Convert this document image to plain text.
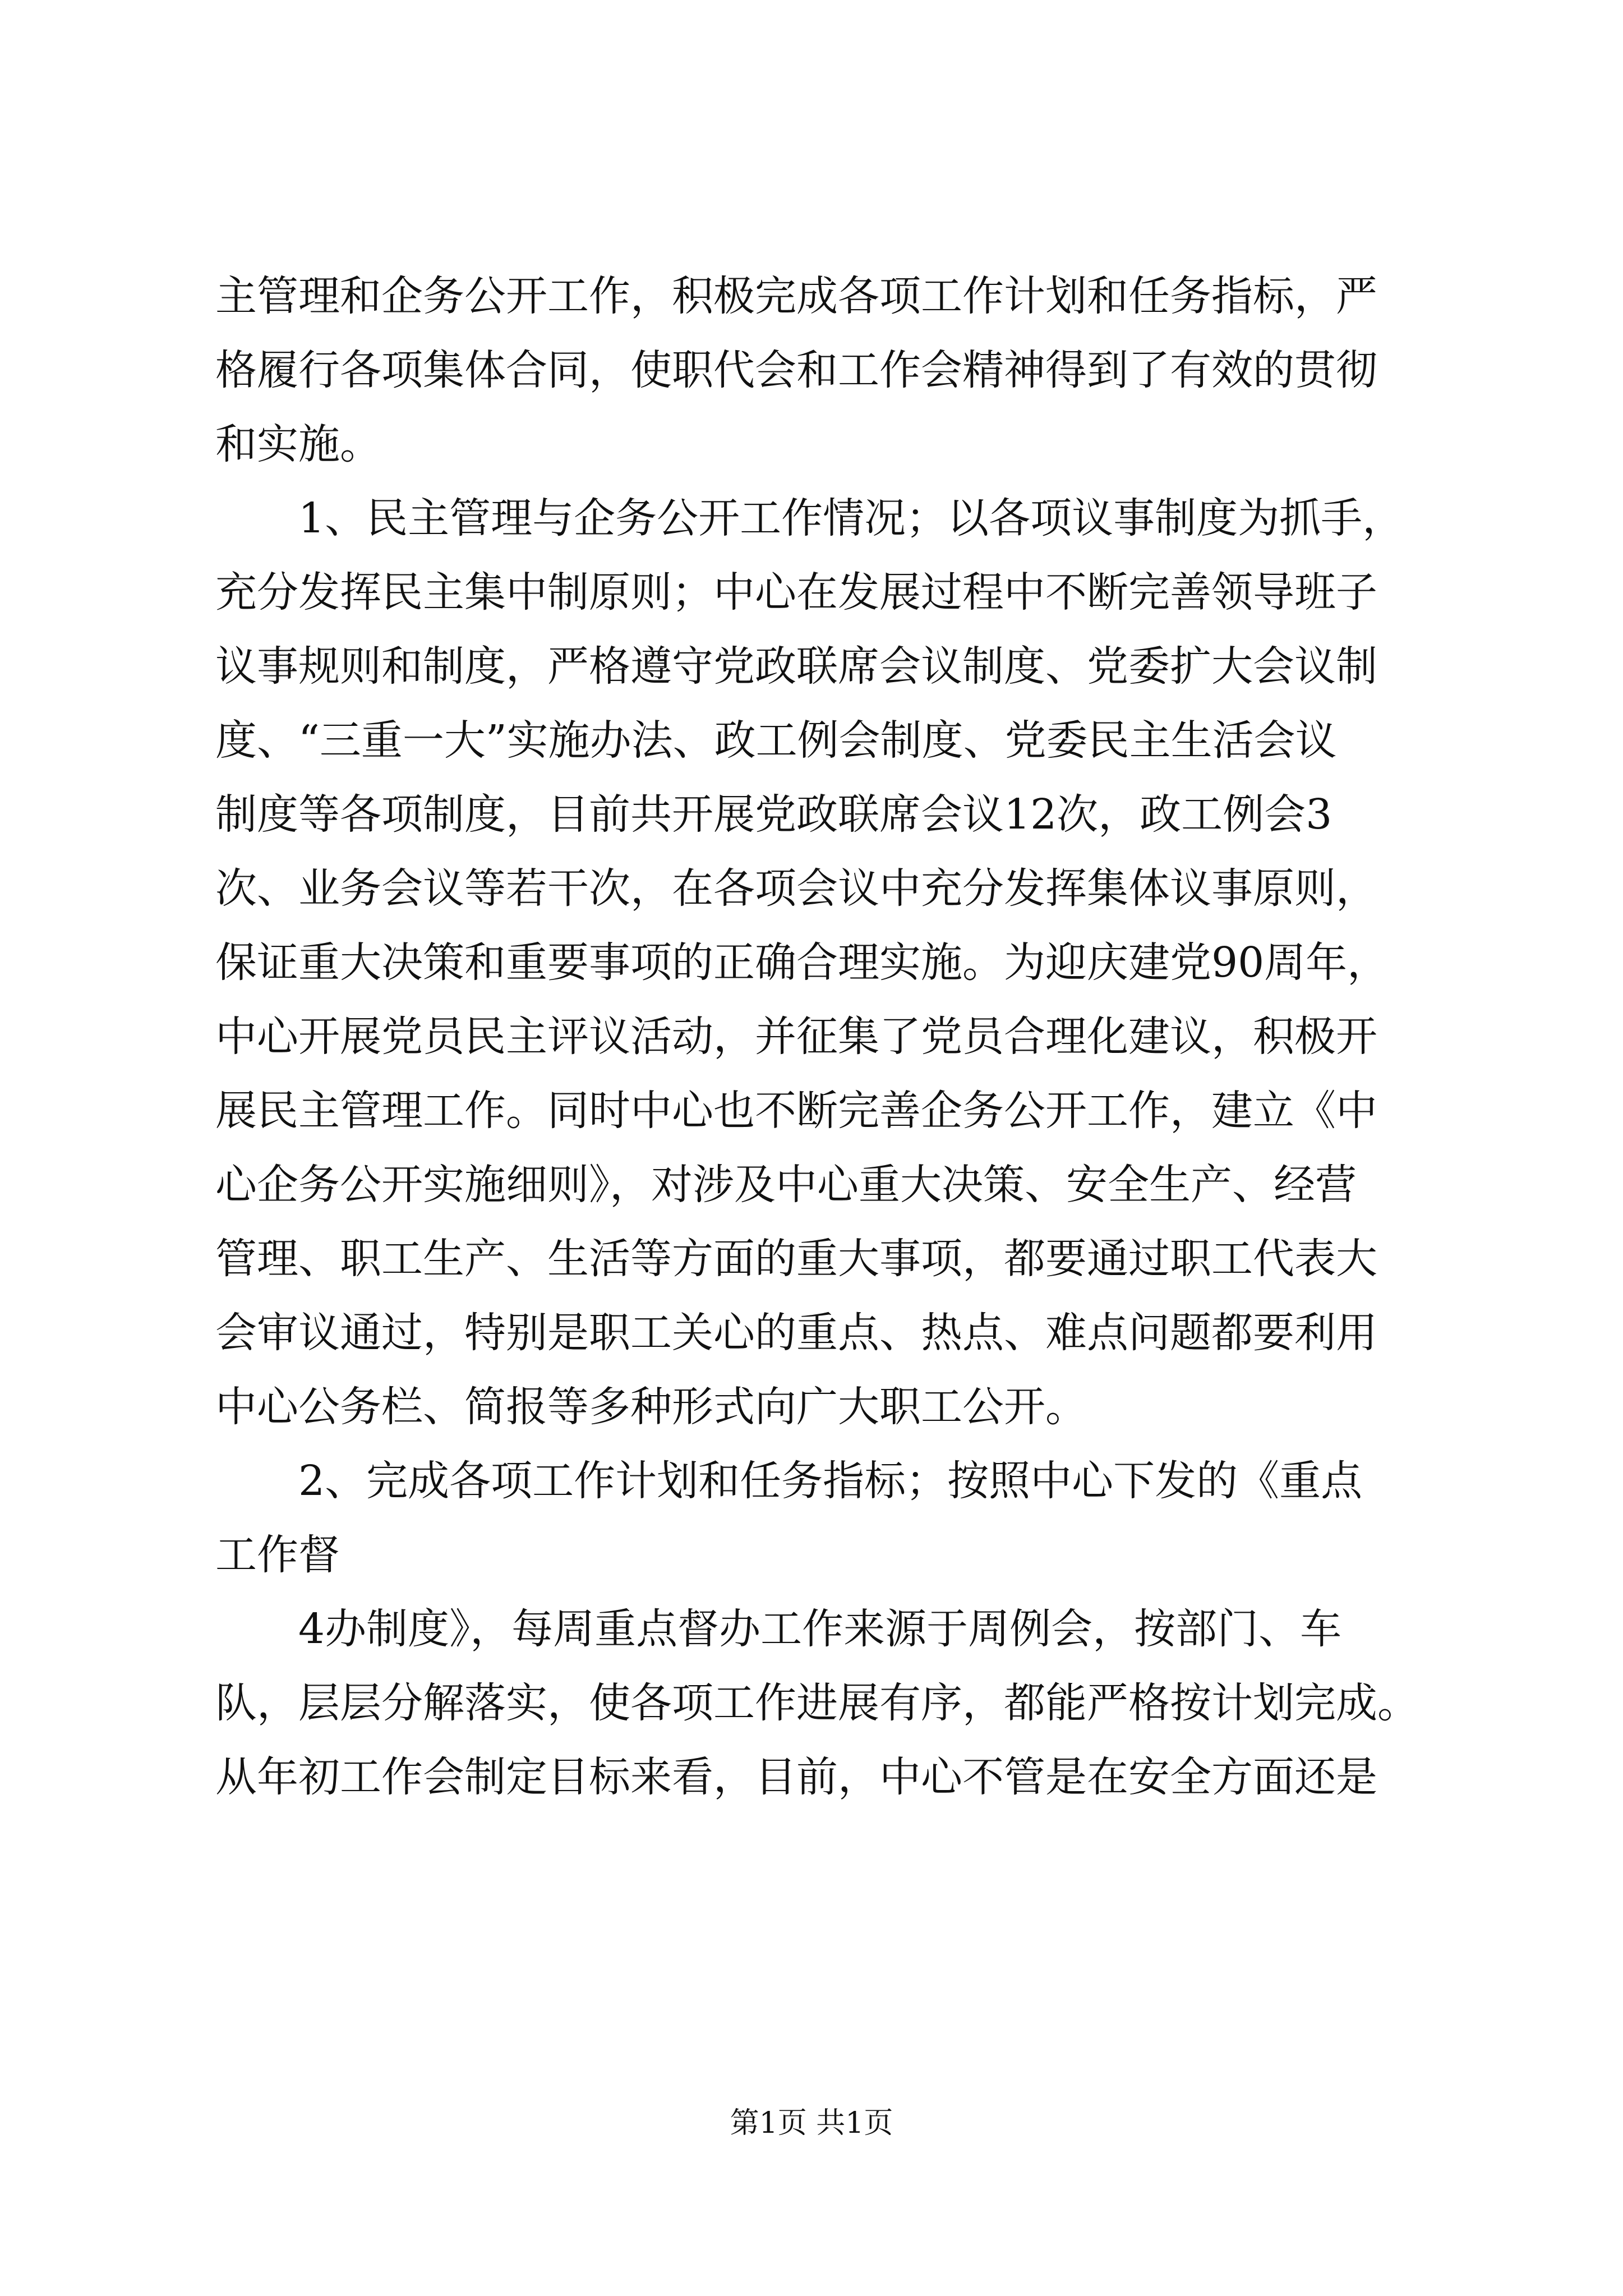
主管理和企务公开工作，积极完成各项工作计划和任务指标，严
格履行各项集体合同，使职代会和工作会精神得到了有效的贯彻
和实施。
1、民主管理与企务公开工作情况；以各项议事制度为抓手，
充分发挥民主集中制原则；中心在发展过程中不断完善领导班子
议事规则和制度，严格遵守党政联席会议制度、党委扩大会议制
度、“三重一大”实施办法、政工例会制度、党委民主生活会议
制度等各项制度，目前共开展党政联席会议12次，政工例会3
次、业务会议等若干次，在各项会议中充分发挥集体议事原则，
保证重大决策和重要事项的正确合理实施。为迎庆建党90周年，
中心开展党员民主评议活动，并征集了党员合理化建议，积极开
展民主管理工作。同时中心也不断完善企务公开工作，建立《中
心企务公开实施细则》，对涉及中心重大决策、安全生产、经营
管理、职工生产、生活等方面的重大事项，都要通过职工代表大
会审议通过，特别是职工关心的重点、热点、难点问题都要利用
中心公务栏、简报等多种形式向广大职工公开。
2、完成各项工作计划和任务指标；按照中心下发的《重点
工作督
4办制度》，每周重点督办工作来源于周例会，按部门、车
队，层层分解落实，使各项工作进展有序，都能严格按计划完成。
从年初工作会制定目标来看，目前，中心不管是在安全方面还是
第1页 共1页
